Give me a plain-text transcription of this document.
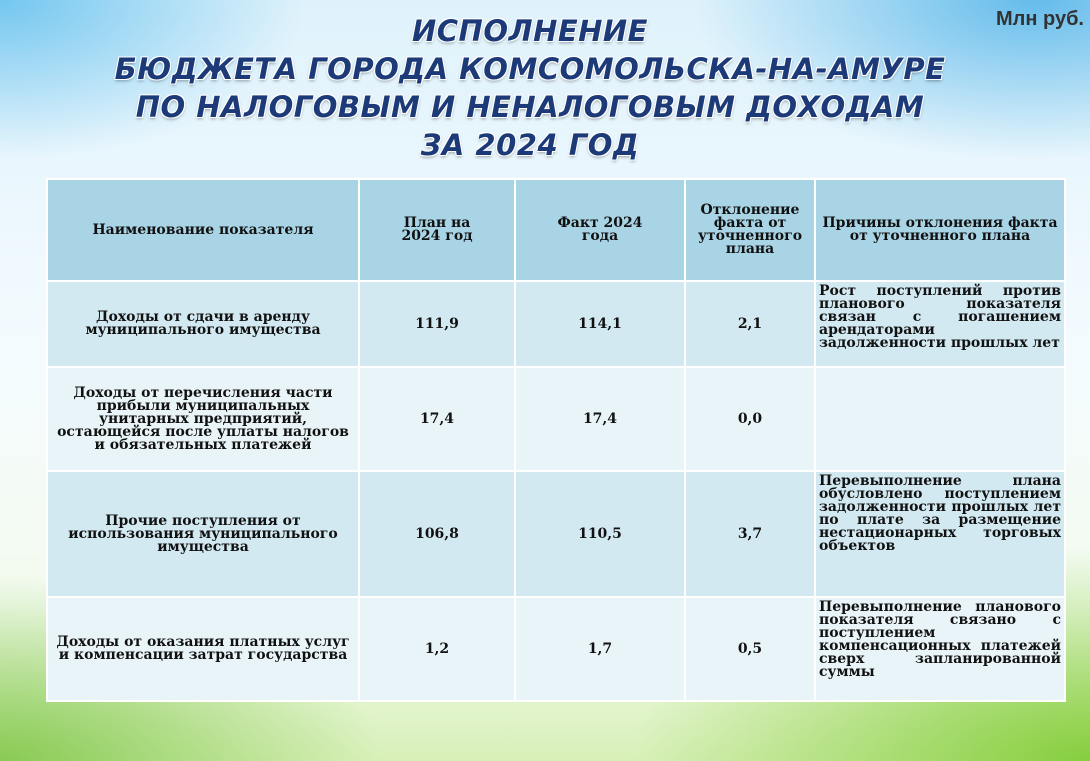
Млн руб.
ИСПОЛНЕНИЕ
БЮДЖЕТА ГОРОДА КОМСОМОЛЬСКА-НА-АМУРЕ
ПО НАЛОГОВЫМ И НЕНАЛОГОВЫМ ДОХОДАМ
ЗА 2024 ГОД
Наименование показателя	План на 2024 год	Факт 2024 года	Отклонение факта от уточненного плана	Причины отклонения факта от уточненного плана
Доходы от сдачи в аренду муниципального имущества	111,9	114,1	2,1	Рост поступлений против планового показателя связан с погашением арендаторами задолженности прошлых лет
Доходы от перечисления части прибыли муниципальных унитарных предприятий, остающейся после уплаты налогов и обязательных платежей	17,4	17,4	0,0	
Прочие поступления от использования муниципального имущества	106,8	110,5	3,7	Перевыполнение плана обусловлено поступлением задолженности прошлых лет по плате за размещение нестационарных торговых объектов
Доходы от оказания платных услуг и компенсации затрат государства	1,2	1,7	0,5	Перевыполнение планового показателя связано с поступлением компенсационных платежей сверх запланированной суммы
